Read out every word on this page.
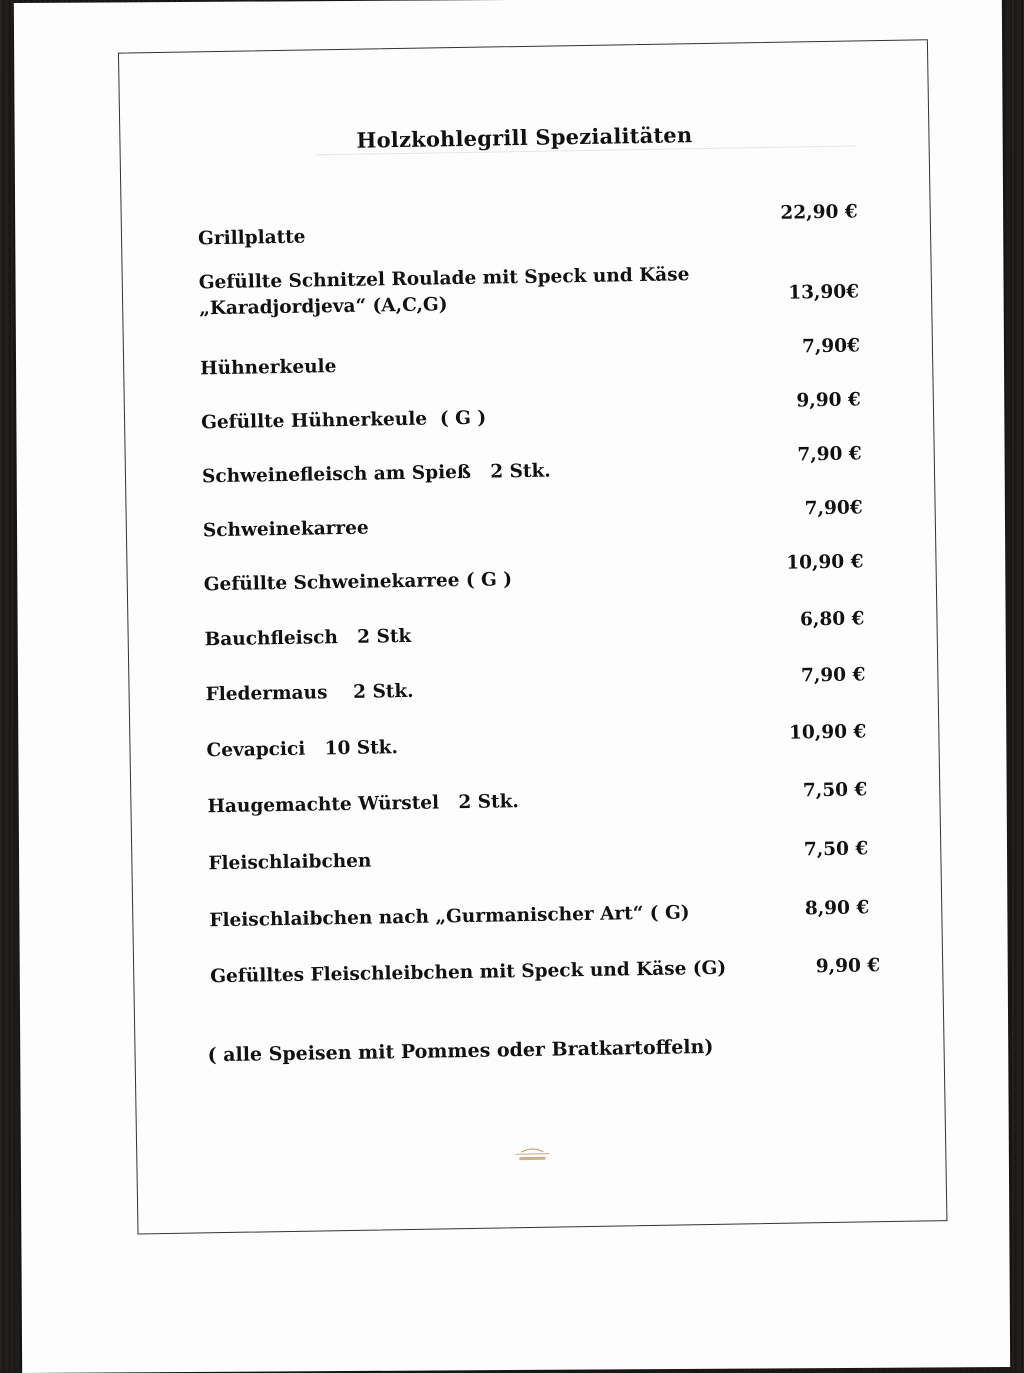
Holzkohlegrill Spezialitäten
Grillplatte
22,90 €
Gefüllte Schnitzel Roulade mit Speck und Käse
„Karadjordjeva“ (A,C,G)
13,90€
Hühnerkeule
7,90€
Gefüllte Hühnerkeule  ( G )
9,90 €
Schweinefleisch am Spieß   2 Stk.
7,90 €
Schweinekarree
7,90€
Gefüllte Schweinekarree ( G )
10,90 €
Bauchfleisch   2 Stk
6,80 €
Fledermaus    2 Stk.
7,90 €
Cevapcici   10 Stk.
10,90 €
Haugemachte Würstel   2 Stk.
7,50 €
Fleischlaibchen
7,50 €
Fleischlaibchen nach „Gurmanischer Art“ ( G)	8,90 €
Gefülltes Fleischleibchen mit Speck und Käse (G)	9,90 €

( alle Speisen mit Pommes oder Bratkartoffeln)
